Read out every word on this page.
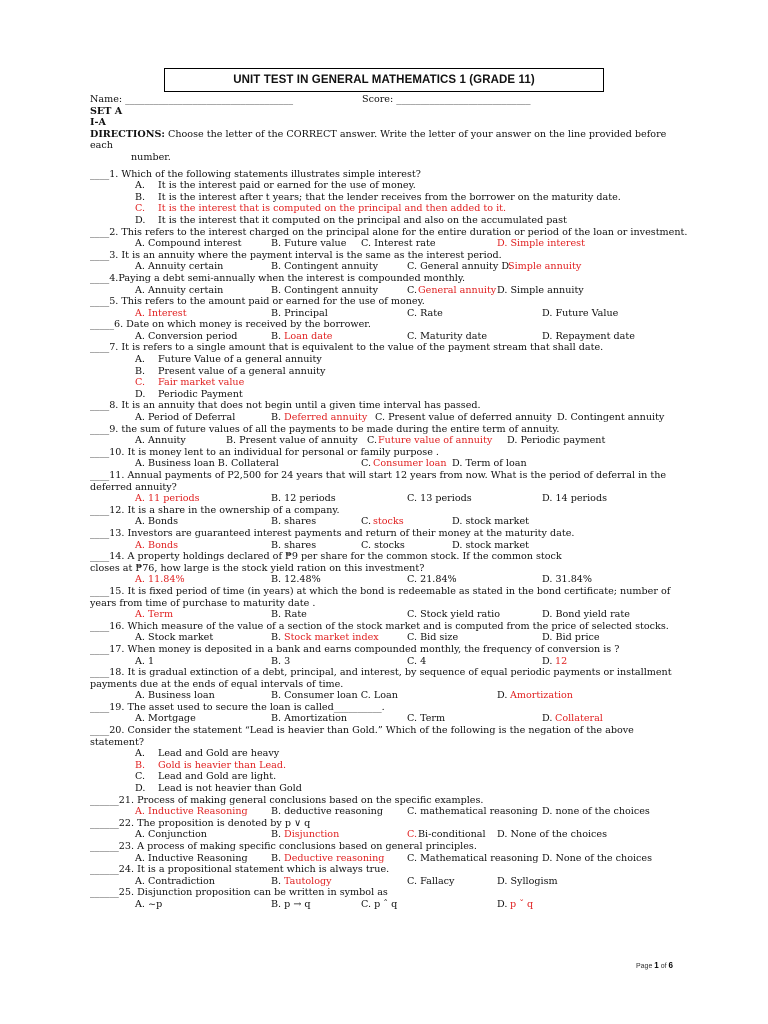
UNIT TEST IN GENERAL MATHEMATICS 1 (GRADE 11)
Name: ___________________________________	Score: ____________________________
SET A
I-A
DIRECTIONS: Choose the letter of the CORRECT answer. Write the letter of your answer on the line provided before each
number.
____1. Which of the following statements illustrates simple interest?
A. It is the interest paid or earned for the use of money.
B. It is the interest after t years; that the lender receives from the borrower on the maturity date.
C. It is the interest that is computed on the principal and then added to it.
D. It is the interest that it computed on the principal and also on the accumulated past
____2. This refers to the interest charged on the principal alone for the entire duration or period of the loan or investment.
A. Compound interest	B. Future value C. Interest rate	D. Simple interest
____3. It is an annuity where the payment interval is the same as the interest period.
A. Annuity certain	B. Contingent annuity	C. General annuity D.
Simple annuity
____4.Paying a debt semi-annually when the interest is compounded monthly.
A. Annuity certain	B. Contingent annuity	C. General annuity D. Simple annuity
____5. This refers to the amount paid or earned for the use of money.
A. Interest	B. Principal	C. Rate	D. Future Value
_____6. Date on which money is received by the borrower.
A. Conversion period	B. Loan date	C. Maturity date	D. Repayment date
____7. It is refers to a single amount that is equivalent to the value of the payment stream that shall date.
A. Future Value of a general annuity
B. Present value of a general annuity
C. Fair market value
D. Periodic Payment
____8. It is an annuity that does not begin until a given time interval has passed.
A. Period of Deferral	B. Deferred annuity C. Present value of deferred annuity D. Contingent annuity
____9. the sum of future values of all the payments to be made during the entire term of annuity.
A. Annuity	B. Present value of annuity C. Future value of annuity D. Periodic payment
____10. It is money lent to an individual for personal or family purpose .
A. Business loan B. Collateral	C. Consumer loan D. Term of loan
____11. Annual payments of P2,500 for 24 years that will start 12 years from now. What is the period of deferral in the
deferred annuity?
A. 11 periods	B. 12 periods	C. 13 periods	D. 14 periods
____12. It is a share in the ownership of a company.
A. Bonds	B. shares	C. stocks	D. stock market
____13. Investors are guaranteed interest payments and return of their money at the maturity date.
A. Bonds	B. shares	C. stocks	D. stock market
____14. A property holdings declared of ₱9 per share for the common stock. If the common stock
closes at ₱76, how large is the stock yield ration on this investment?
A. 11.84%	B. 12.48%	C. 21.84%	D. 31.84%
____15. It is fixed period of time (in years) at which the bond is redeemable as stated in the bond certificate; number of
years from time of purchase to maturity date .
A. Term	B. Rate	C. Stock yield ratio	D. Bond yield rate
____16. Which measure of the value of a section of the stock market and is computed from the price of selected stocks.
A. Stock market	B. Stock market index	C. Bid size	D. Bid price
____17. When money is deposited in a bank and earns compounded monthly, the frequency of conversion is ?
A. 1	B. 3	C. 4	D. 12
____18. It is gradual extinction of a debt, principal, and interest, by sequence of equal periodic payments or installment
payments due at the ends of equal intervals of time.
A. Business loan	B. Consumer loan C. Loan	D. Amortization
____19. The asset used to secure the loan is called__________.
A. Mortgage	B. Amortization	C. Term	D. Collateral
____20. Consider the statement “Lead is heavier than Gold.” Which of the following is the negation of the above statement?
A. Lead and Gold are heavy
B. Gold is heavier than Lead.
C. Lead and Gold are light.
D. Lead is not heavier than Gold
______21. Process of making general conclusions based on the specific examples.
A. Inductive Reasoning B. deductive reasoning	C. mathematical reasoning D. none of the choices
______22. The proposition is denoted by p ∨ q
A. Conjunction	B. Disjunction	C. Bi-conditional D. None of the choices
______23. A process of making specific conclusions based on general principles.
A. Inductive Reasoning B. Deductive reasoning C. Mathematical reasoning D. None of the choices
______24. It is a propositional statement which is always true.
A. Contradiction	B. Tautology	C. Fallacy	D. Syllogism
______25. Disjunction proposition can be written in symbol as
A. ~p	B. p → q	C. p ˆ q	D. p ˇ q
Page 1 of 6
